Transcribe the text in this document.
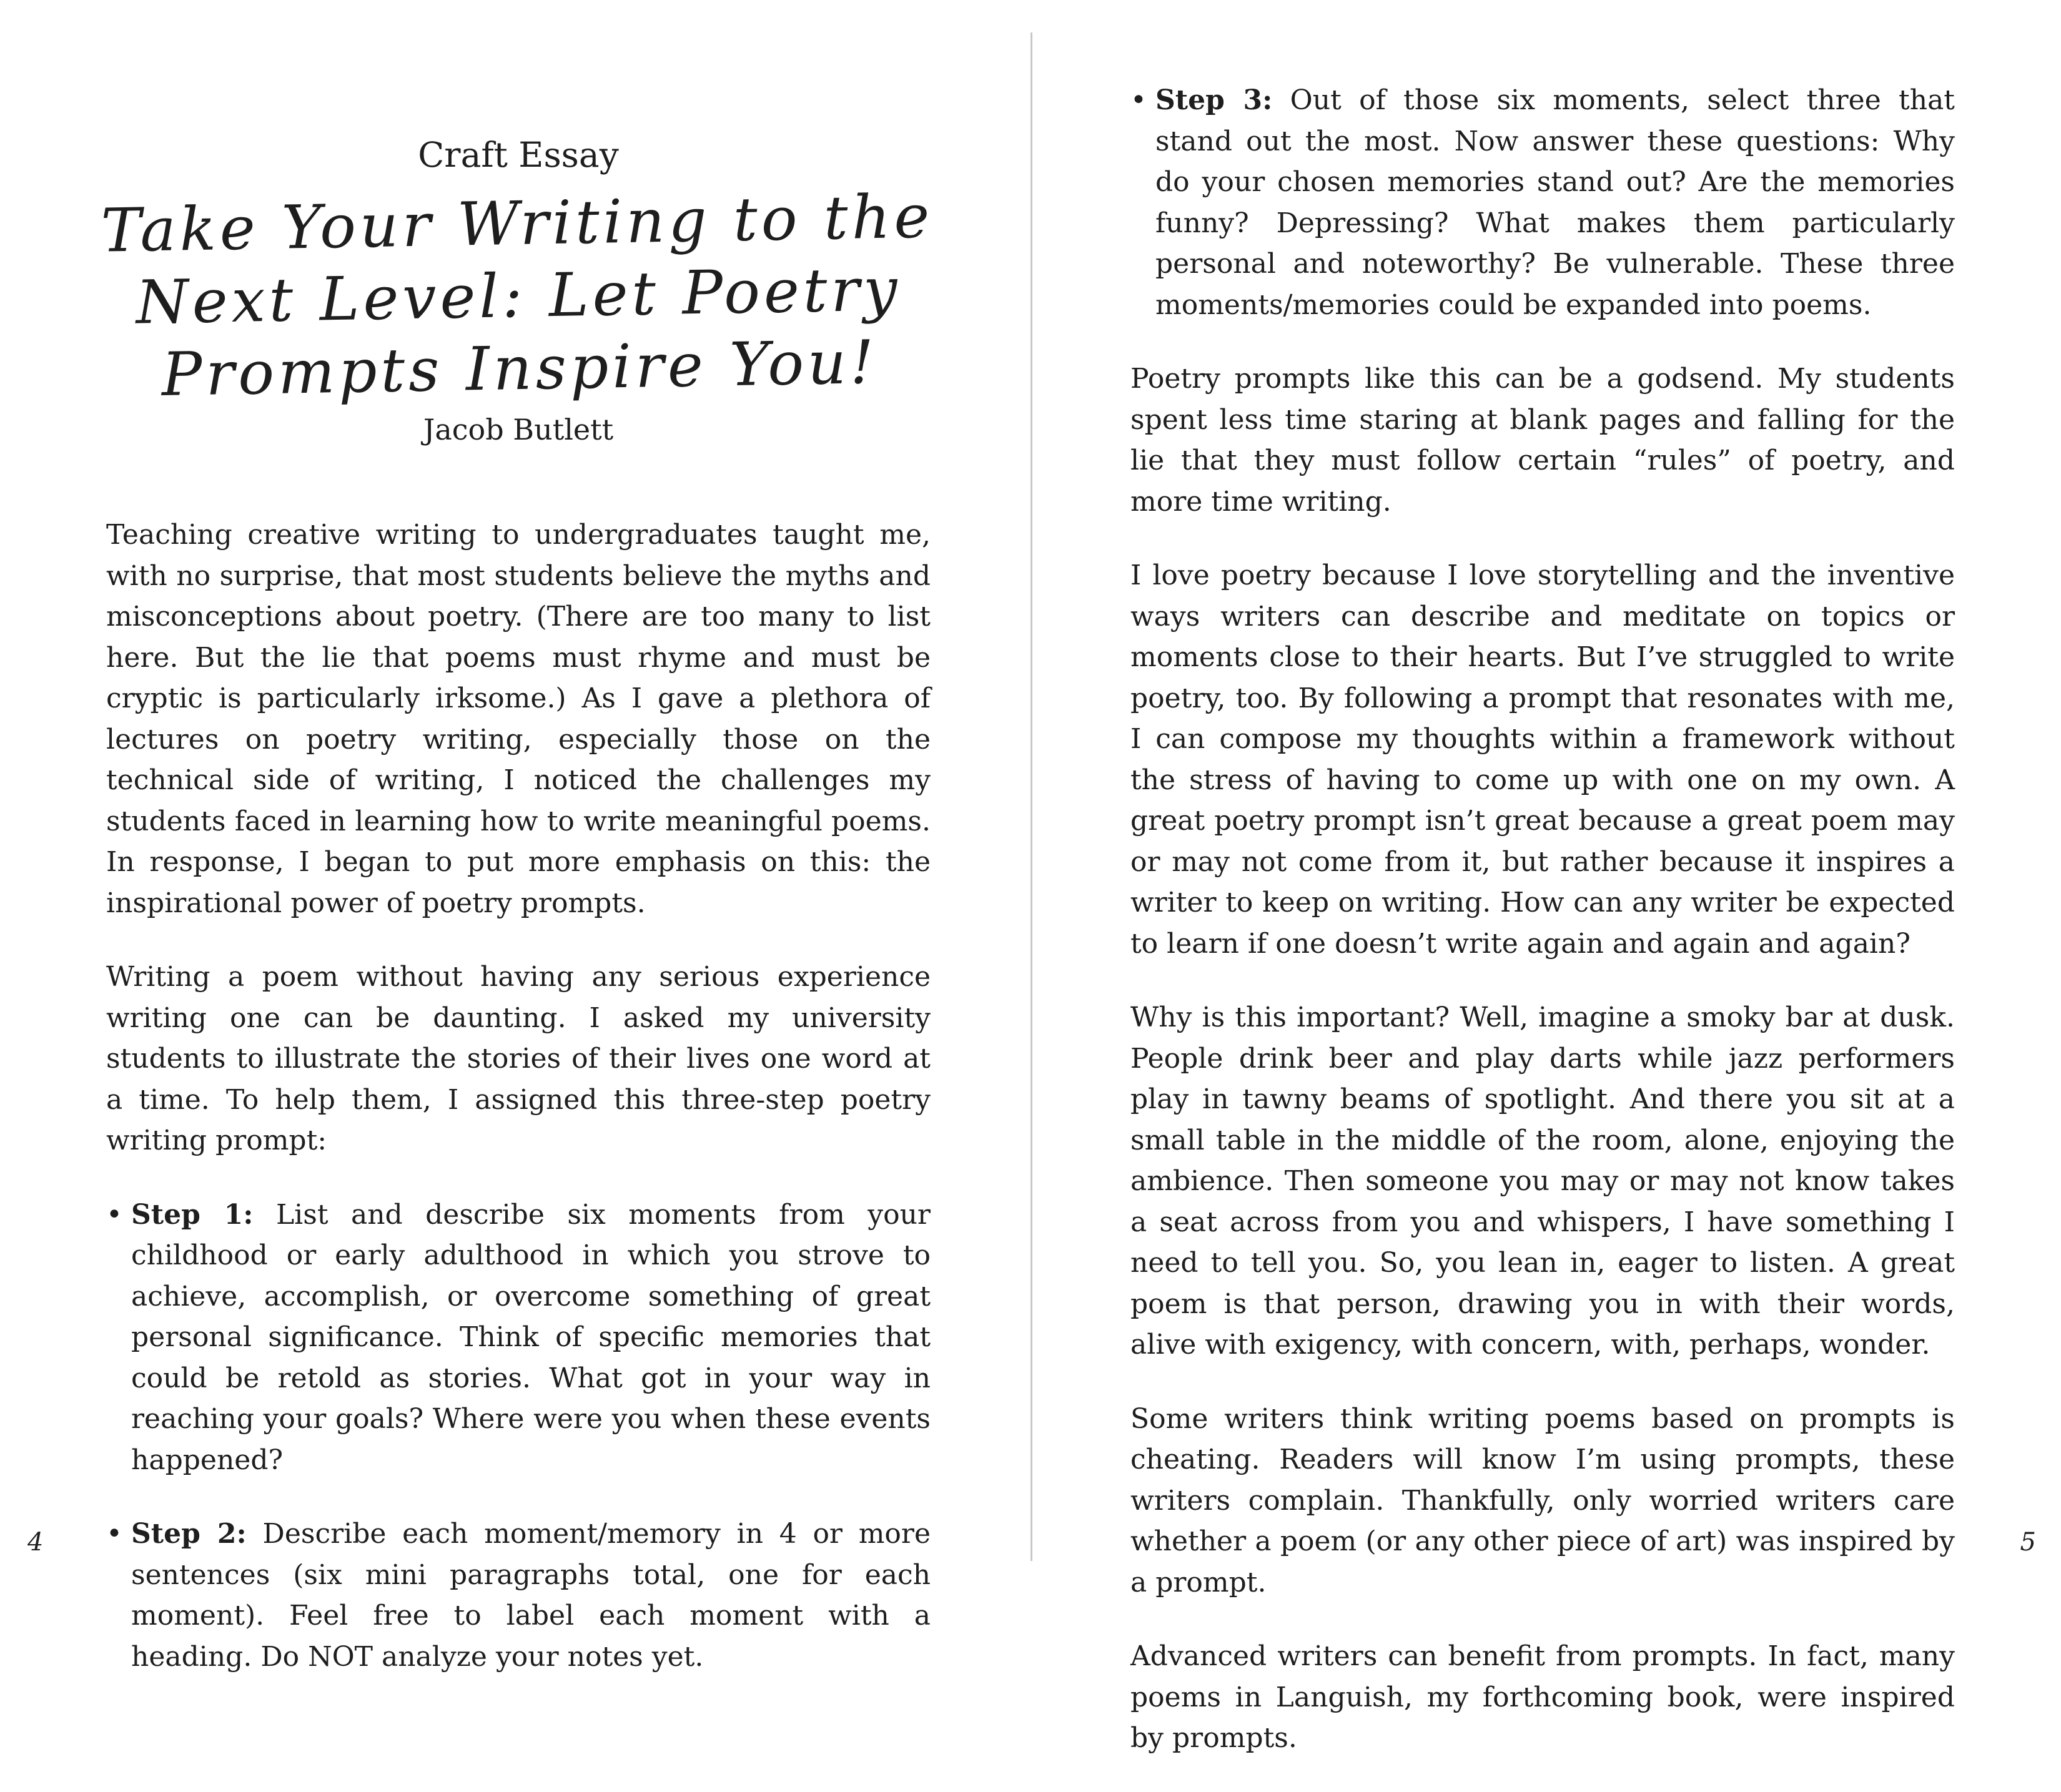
Craft Essay
Take Your Writing to the Next Level: Let Poetry Prompts Inspire You!
Jacob Butlett

Teaching creative writing to undergraduates taught me, with no surprise, that most students believe the myths and misconceptions about poetry. (There are too many to list here. But the lie that poems must rhyme and must be cryptic is particularly irksome.) As I gave a plethora of lectures on poetry writing, especially those on the technical side of writing, I noticed the challenges my students faced in learning how to write meaningful poems. In response, I began to put more emphasis on this: the inspirational power of poetry prompts.

Writing a poem without having any serious experience writing one can be daunting. I asked my university students to illustrate the stories of their lives one word at a time. To help them, I assigned this three-step poetry writing prompt:

• Step 1: List and describe six moments from your childhood or early adulthood in which you strove to achieve, accomplish, or overcome something of great personal significance. Think of specific memories that could be retold as stories. What got in your way in reaching your goals? Where were you when these events happened?
• Step 2: Describe each moment/memory in 4 or more sentences (six mini paragraphs total, one for each moment). Feel free to label each moment with a heading. Do NOT analyze your notes yet.
4
• Step 3: Out of those six moments, select three that stand out the most. Now answer these questions: Why do your chosen memories stand out? Are the memories funny? Depressing? What makes them particularly personal and noteworthy? Be vulnerable. These three moments/memories could be expanded into poems.

Poetry prompts like this can be a godsend. My students spent less time staring at blank pages and falling for the lie that they must follow certain “rules” of poetry, and more time writing.

I love poetry because I love storytelling and the inventive ways writers can describe and meditate on topics or moments close to their hearts. But I’ve struggled to write poetry, too. By following a prompt that resonates with me, I can compose my thoughts within a framework without the stress of having to come up with one on my own. A great poetry prompt isn’t great because a great poem may or may not come from it, but rather because it inspires a writer to keep on writing. How can any writer be expected to learn if one doesn’t write again and again and again?

Why is this important? Well, imagine a smoky bar at dusk. People drink beer and play darts while jazz performers play in tawny beams of spotlight. And there you sit at a small table in the middle of the room, alone, enjoying the ambience. Then someone you may or may not know takes a seat across from you and whispers, I have something I need to tell you. So, you lean in, eager to listen. A great poem is that person, drawing you in with their words, alive with exigency, with concern, with, perhaps, wonder.

Some writers think writing poems based on prompts is cheating. Readers will know I’m using prompts, these writers complain. Thankfully, only worried writers care whether a poem (or any other piece of art) was inspired by a prompt.

Advanced writers can benefit from prompts. In fact, many poems in Languish, my forthcoming book, were inspired by prompts.

5
